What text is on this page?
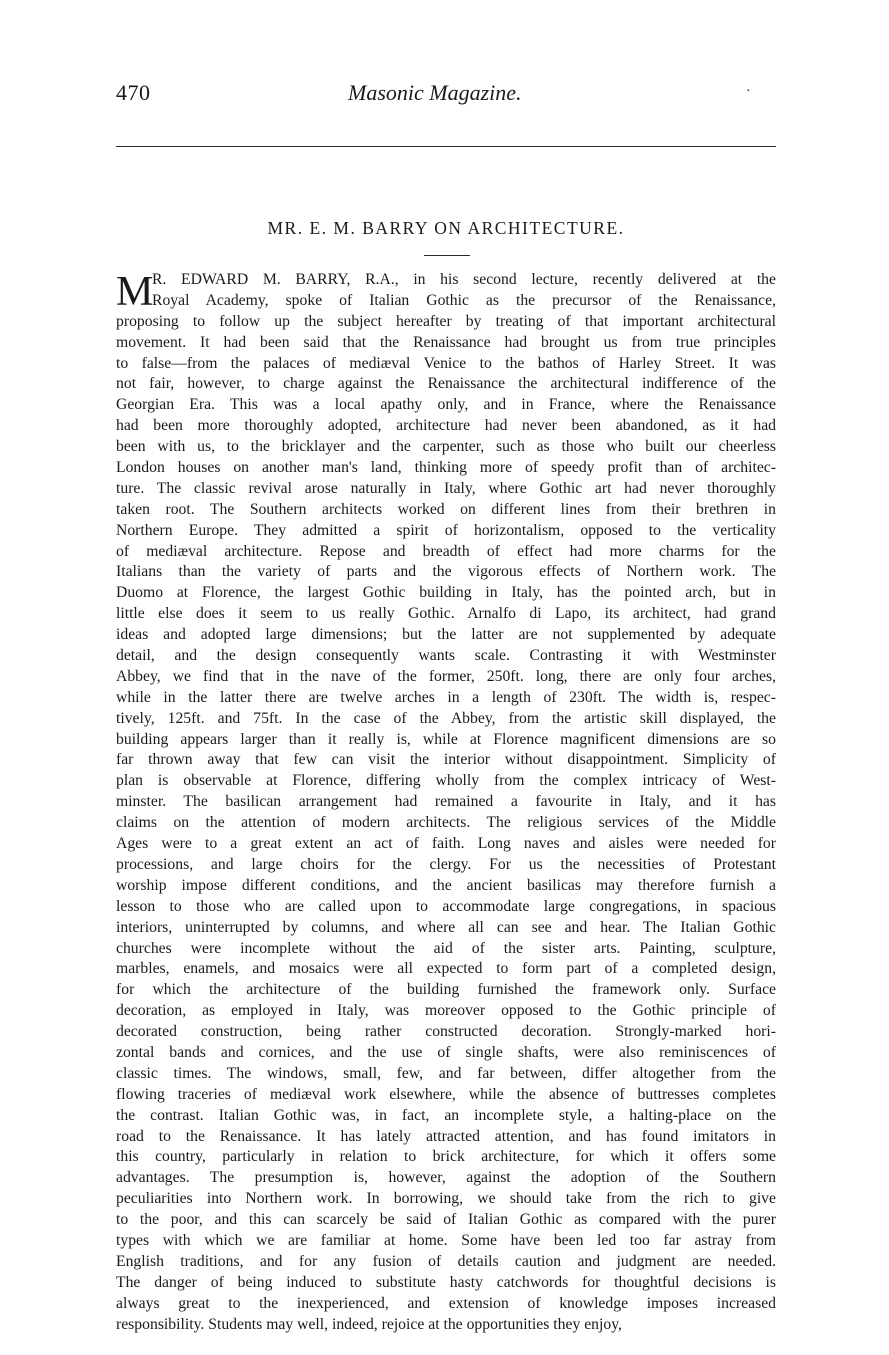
470	Masonic Magazine.	·
MR. E. M. BARRY ON ARCHITECTURE.
M
R. EDWARD M. BARRY, R.A., in his second lecture, recently delivered at the
Royal Academy, spoke of Italian Gothic as the precursor of the Renaissance,
proposing to follow up the subject hereafter by treating of that important architectural
movement. It had been said that the Renaissance had brought us from true principles
to false—from the palaces of mediæval Venice to the bathos of Harley Street. It was
not fair, however, to charge against the Renaissance the architectural indifference of the
Georgian Era. This was a local apathy only, and in France, where the Renaissance
had been more thoroughly adopted, architecture had never been abandoned, as it had
been with us, to the bricklayer and the carpenter, such as those who built our cheerless
London houses on another man's land, thinking more of speedy profit than of architec-
ture. The classic revival arose naturally in Italy, where Gothic art had never thoroughly
taken root. The Southern architects worked on different lines from their brethren in
Northern Europe. They admitted a spirit of horizontalism, opposed to the verticality
of mediæval architecture. Repose and breadth of effect had more charms for the
Italians than the variety of parts and the vigorous effects of Northern work. The
Duomo at Florence, the largest Gothic building in Italy, has the pointed arch, but in
little else does it seem to us really Gothic. Arnalfo di Lapo, its architect, had grand
ideas and adopted large dimensions; but the latter are not supplemented by adequate
detail, and the design consequently wants scale. Contrasting it with Westminster
Abbey, we find that in the nave of the former, 250ft. long, there are only four arches,
while in the latter there are twelve arches in a length of 230ft. The width is, respec-
tively, 125ft. and 75ft. In the case of the Abbey, from the artistic skill displayed, the
building appears larger than it really is, while at Florence magnificent dimensions are so
far thrown away that few can visit the interior without disappointment. Simplicity of
plan is observable at Florence, differing wholly from the complex intricacy of West-
minster. The basilican arrangement had remained a favourite in Italy, and it has
claims on the attention of modern architects. The religious services of the Middle
Ages were to a great extent an act of faith. Long naves and aisles were needed for
processions, and large choirs for the clergy. For us the necessities of Protestant
worship impose different conditions, and the ancient basilicas may therefore furnish a
lesson to those who are called upon to accommodate large congregations, in spacious
interiors, uninterrupted by columns, and where all can see and hear. The Italian Gothic
churches were incomplete without the aid of the sister arts. Painting, sculpture,
marbles, enamels, and mosaics were all expected to form part of a completed design,
for which the architecture of the building furnished the framework only. Surface
decoration, as employed in Italy, was moreover opposed to the Gothic principle of
decorated construction, being rather constructed decoration. Strongly-marked hori-
zontal bands and cornices, and the use of single shafts, were also reminiscences of
classic times. The windows, small, few, and far between, differ altogether from the
flowing traceries of mediæval work elsewhere, while the absence of buttresses completes
the contrast. Italian Gothic was, in fact, an incomplete style, a halting-place on the
road to the Renaissance. It has lately attracted attention, and has found imitators in
this country, particularly in relation to brick architecture, for which it offers some
advantages. The presumption is, however, against the adoption of the Southern
peculiarities into Northern work. In borrowing, we should take from the rich to give
to the poor, and this can scarcely be said of Italian Gothic as compared with the purer
types with which we are familiar at home. Some have been led too far astray from
English traditions, and for any fusion of details caution and judgment are needed.
The danger of being induced to substitute hasty catchwords for thoughtful decisions is
always great to the inexperienced, and extension of knowledge imposes increased
responsibility. Students may well, indeed, rejoice at the opportunities they enjoy,
